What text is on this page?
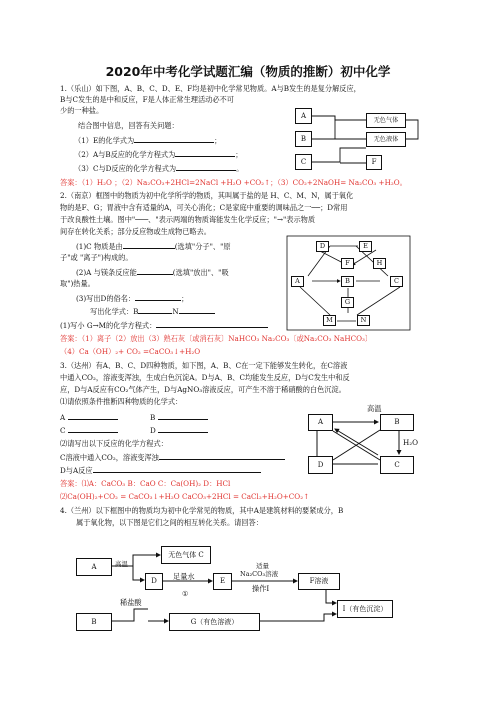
2020年中考化学试题汇编（物质的推断）初中化学
1.（乐山）如下图，A、B、C、D、E、F均是初中化学常见物质。A与B发生的是复分解反应，
B与C发生的是中和反应，F是人体正常生理活动必不可
少的一种盐。
结合图中信息，回答有关问题：
（1）E的化学式为	；
（2）A与B反应的化学方程式为	；
（3）C与D反应的化学方程式为	。
答案：（1）H₂O ；（2）Na₂CO₃+2HCl=2NaCl +H₂O +CO₂↑；（3）CO₂+2NaOH= Na₂CO₃ +H₂O。
A
B
C
无色气体
无色液体
F
2.（南京）框图中的物质为初中化学所学的物质，其叫属于盐的是 H、C、M、N，属于氧化
物的是F、G；胃液中含有适量的A，可关心消化；C是家庭中重要的调味品之一──；D常用
于改良酸性土壤。图中"───、"表示两端的物质诲能发生化学反应；"→"表示物质
间存在转化关系；部分反应物或生成物已略去。
(1)C 物质是由	(选填"分子"、"原
子"或 "离子")构成的。
(2)A 与镁条反应能	(选填"放出"、"吸
取")热量。
(3)写出D的俗名：	；
写出化学式：B	N
(1)写小 G→M的化学方程式：
答案：（1）离子（2）放出（3）熟石灰〔或消石灰〕NaHCO₃ Na₂CO₃〔或Na₂CO₃ NaHCO₃〕
（4）Ca（OH）₂+ CO₂ =CaCO₃↓+H₂O
D	E
F
A	B	C
G
M	N
H
3.（达州）有A、B、C、D四种物质，如下图，A、B、C在一定下能够发生转化，在C溶液
中通入CO₂，溶液变浑浊，生成白色沉淀A。D与A、B、C均能发生反应，D与C发生中和反
应，D与A反应有CO₂气体产生，D与AgNO₃溶液反应，可产生不溶于稀硝酸的白色沉淀。
⑴请依照条件推断四种物质的化学式：
A	B
C	D
⑵请写出以下反应的化学方程式：
C溶液中通入CO₂，溶液变浑浊
D与A反应
答案：⑴A：CaCO₃ B：CaO C：Ca(OH)₂ D：HCl
⑵Ca(OH)₂+CO₂ = CaCO₃↓+H₂O CaCO₃+2HCl = CaCl₂+H₂O+CO₂↑
高温
A	B
H₂O
D	C
4.（兰州）以下框图中的物质均为初中化学常见的物质，其中A是建筑材料的要紧成分，B
属于氧化物，以下图是它们之间的相互转化关系。请回答：
A	高温
无色气体 C
D	足量水
①
E
适量
Na₂CO₃溶液
操作Ⅰ
F溶液
I（有色沉淀）
B
稀盐酸
G（有色溶液）
